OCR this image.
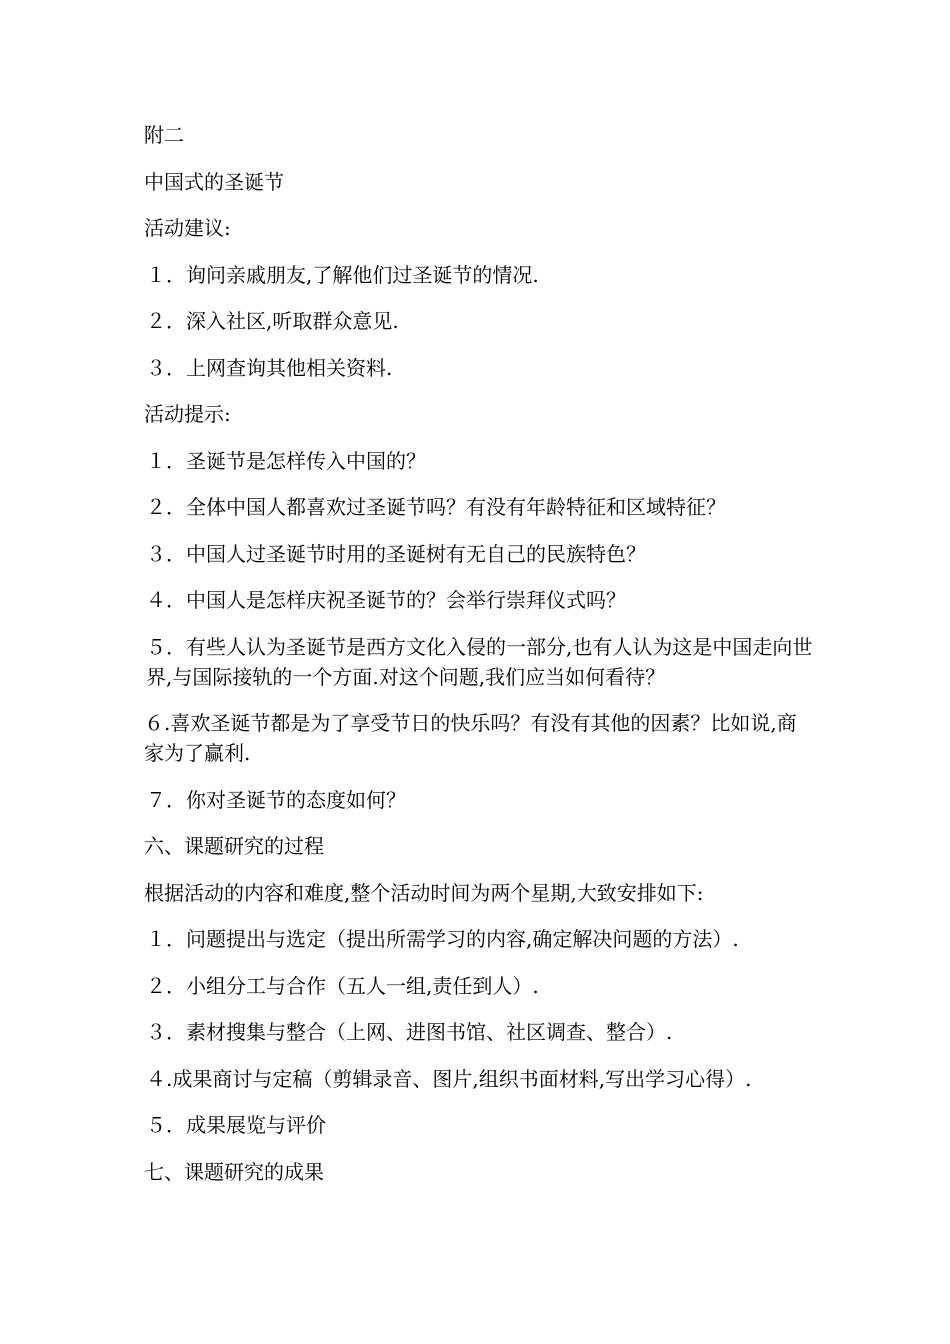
附二

中国式的圣诞节

活动建议:

１．询问亲戚朋友,了解他们过圣诞节的情况.

２．深入社区,听取群众意见.

３．上网查询其他相关资料.

活动提示:

１．圣诞节是怎样传入中国的？

２．全体中国人都喜欢过圣诞节吗？有没有年龄特征和区域特征？

３．中国人过圣诞节时用的圣诞树有无自己的民族特色？

４．中国人是怎样庆祝圣诞节的？会举行崇拜仪式吗？

５．有些人认为圣诞节是西方文化入侵的一部分,也有人认为这是中国走向世界,与国际接轨的一个方面.对这个问题,我们应当如何看待？

６.喜欢圣诞节都是为了享受节日的快乐吗？有没有其他的因素？比如说,商家为了赢利.

７．你对圣诞节的态度如何？

六、课题研究的过程

根据活动的内容和难度,整个活动时间为两个星期,大致安排如下:

１．问题提出与选定（提出所需学习的内容,确定解决问题的方法）.

２．小组分工与合作（五人一组,责任到人）.

３．素材搜集与整合（上网、进图书馆、社区调查、整合）.

４.成果商讨与定稿（剪辑录音、图片,组织书面材料,写出学习心得）.

５．成果展览与评价

七、课题研究的成果
